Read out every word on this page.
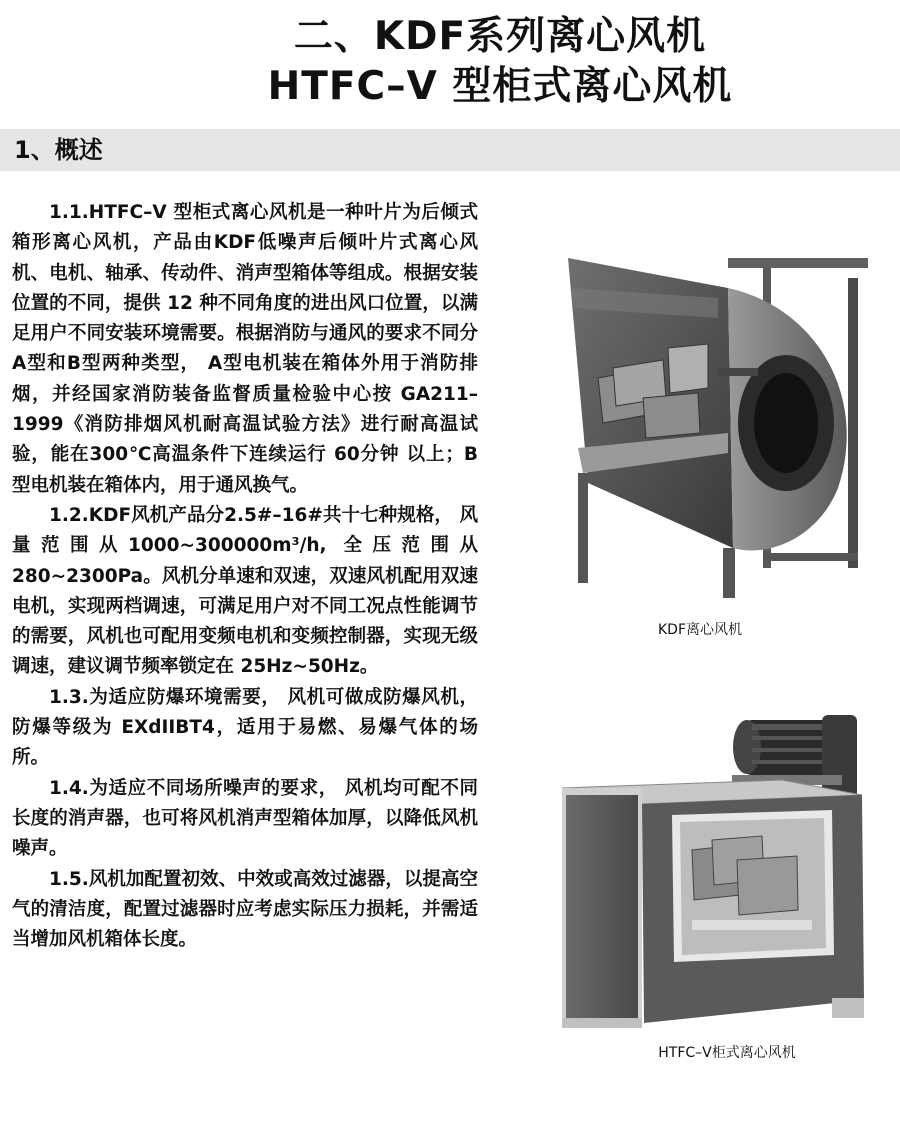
二、KDF系列离心风机
HTFC–V 型柜式离心风机
1、概述

1.1.HTFC–V 型柜式离心风机是一种叶片为后倾式箱形离心风机，产品由KDF低噪声后倾叶片式离心风机、电机、轴承、传动件、消声型箱体等组成。根据安装位置的不同，提供 12 种不同角度的进出风口位置，以满足用户不同安装环境需要。根据消防与通风的要求不同分A型和B型两种类型， A型电机装在箱体外用于消防排烟，并经国家消防装备监督质量检验中心按 GA211–1999《消防排烟风机耐高温试验方法》进行耐高温试验，能在300℃高温条件下连续运行 60分钟 以上；B 型电机装在箱体内，用于通风换气。

1.2.KDF风机产品分2.5#–16#共十七种规格， 风量范围从1000~300000m³/h, 全压范围从280~2300Pa。风机分单速和双速，双速风机配用双速电机，实现两档调速，可满足用户对不同工况点性能调节的需要，风机也可配用变频电机和变频控制器，实现无级调速，建议调节频率锁定在 25Hz~50Hz。

1.3.为适应防爆环境需要， 风机可做成防爆风机，防爆等级为 EXdIIBT4，适用于易燃、易爆气体的场所。

1.4.为适应不同场所噪声的要求， 风机均可配不同长度的消声器，也可将风机消声型箱体加厚，以降低风机噪声。

1.5.风机加配置初效、中效或高效过滤器，以提高空气的清洁度，配置过滤器时应考虑实际压力损耗，并需适当增加风机箱体长度。

KDF离心风机
HTFC–V柜式离心风机
